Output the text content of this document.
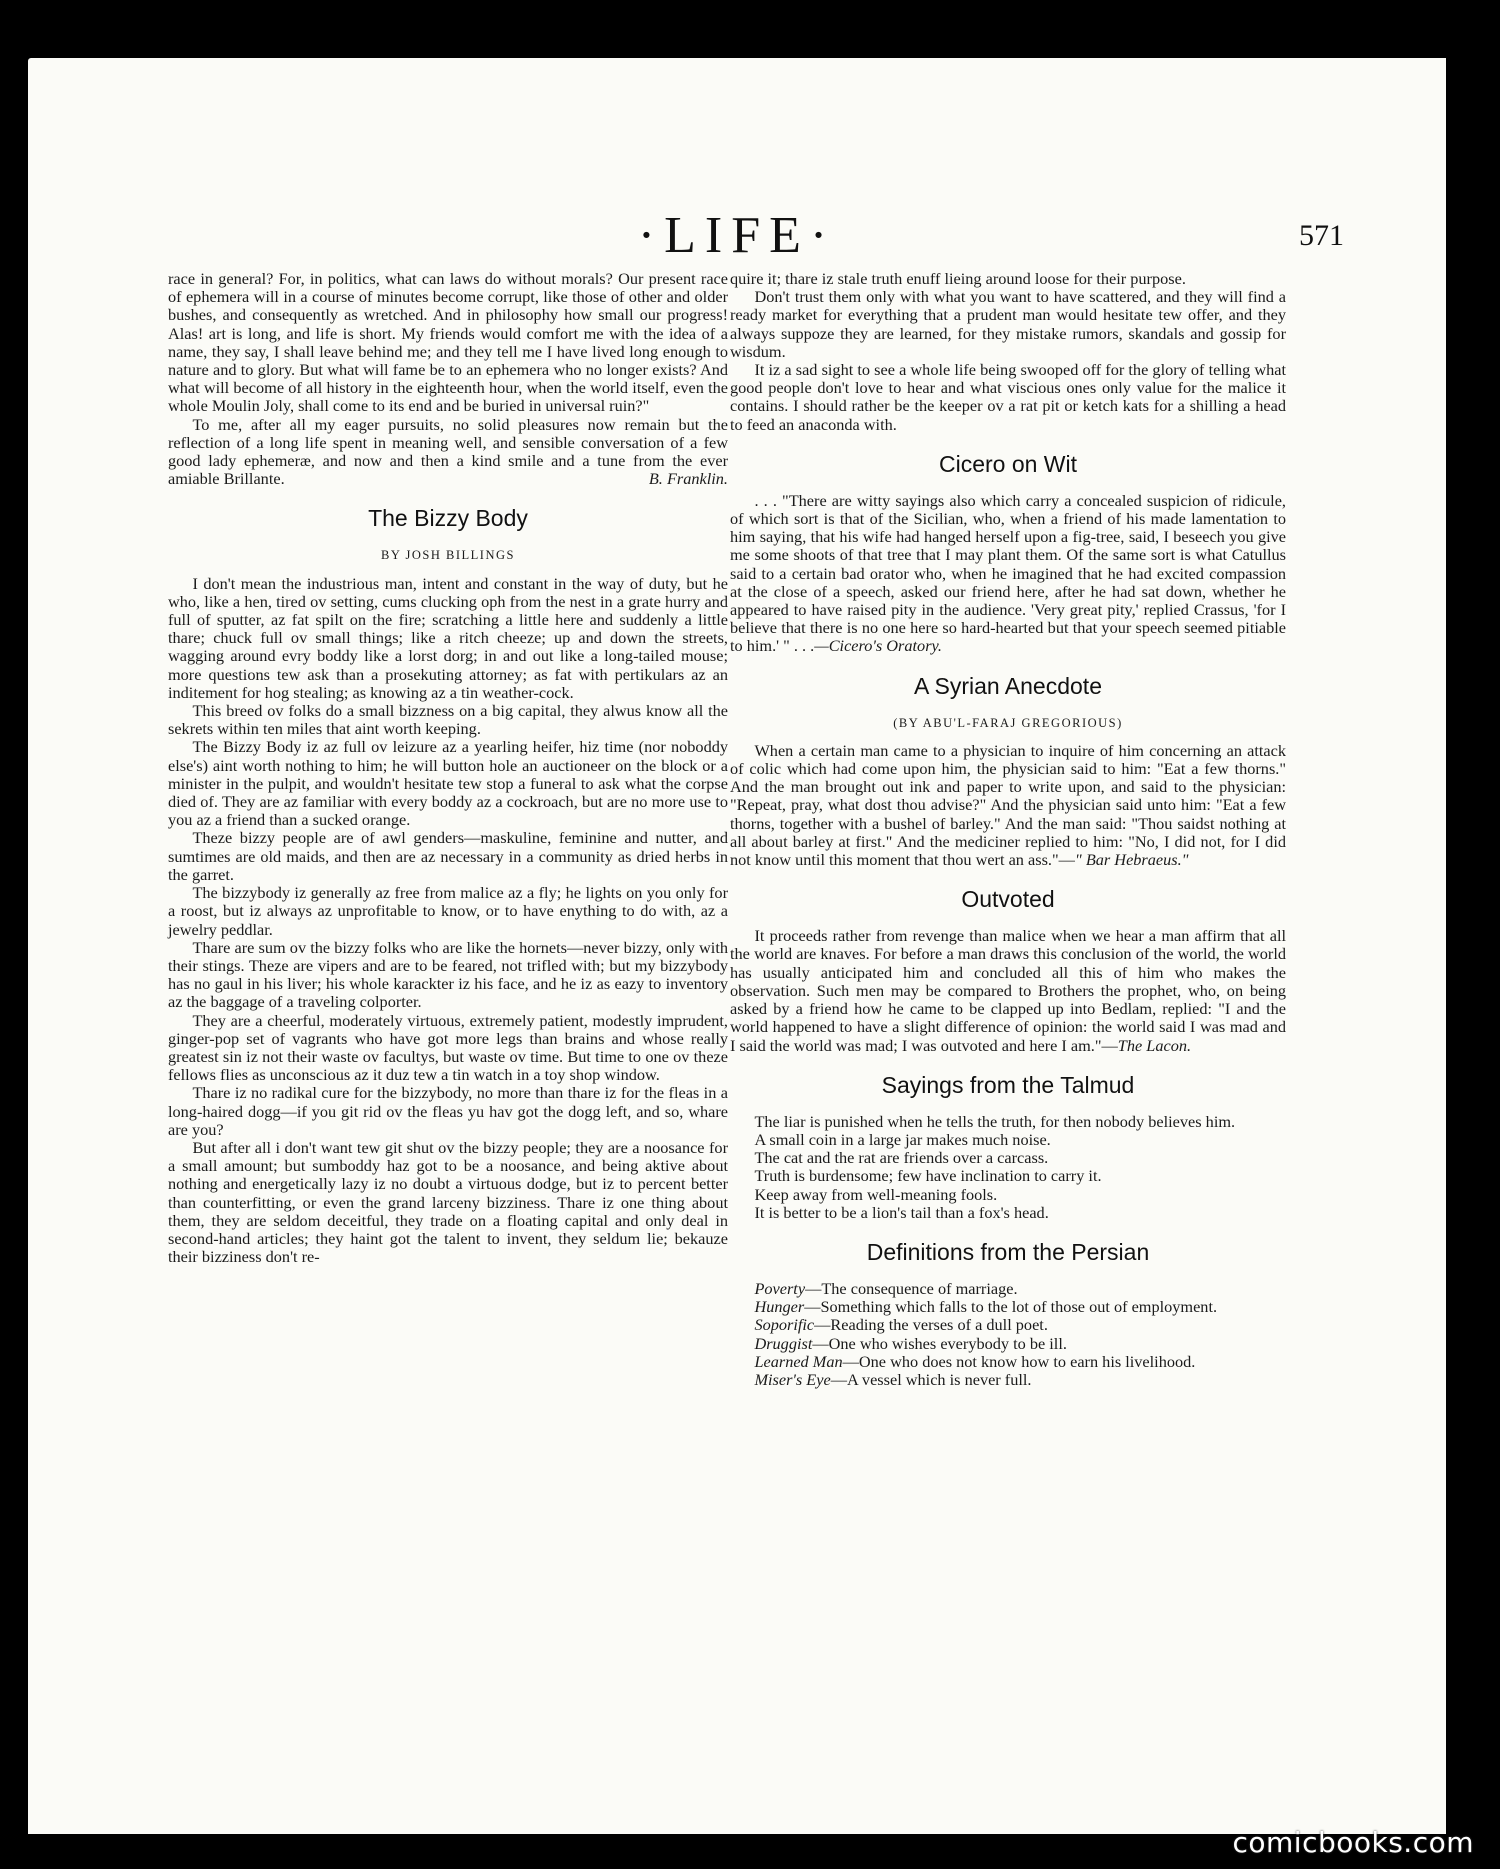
·LIFE·	571

race in general? For, in politics, what can laws do without morals? Our present race of ephemera will in a course of minutes become corrupt, like those of other and older bushes, and consequently as wretched. And in philosophy how small our progress! Alas! art is long, and life is short. My friends would comfort me with the idea of a name, they say, I shall leave behind me; and they tell me I have lived long enough to nature and to glory. But what will fame be to an ephemera who no longer exists? And what will become of all history in the eighteenth hour, when the world itself, even the whole Moulin Joly, shall come to its end and be buried in universal ruin?"

To me, after all my eager pursuits, no solid pleasures now remain but the reflection of a long life spent in meaning well, and sensible conversation of a few good lady ephemeræ, and now and then a kind smile and a tune from the ever amiable Brillante.	B. Franklin.

The Bizzy Body
BY JOSH BILLINGS

I don't mean the industrious man, intent and constant in the way of duty, but he who, like a hen, tired ov setting, cums clucking oph from the nest in a grate hurry and full of sputter, az fat spilt on the fire; scratching a little here and suddenly a little thare; chuck full ov small things; like a ritch cheeze; up and down the streets, wagging around evry boddy like a lorst dorg; in and out like a long-tailed mouse; more questions tew ask than a prosekuting attorney; as fat with pertikulars az an inditement for hog stealing; as knowing az a tin weather-cock.

This breed ov folks do a small bizzness on a big capital, they alwus know all the sekrets within ten miles that aint worth keeping.

The Bizzy Body iz az full ov leizure az a yearling heifer, hiz time (nor noboddy else's) aint worth nothing to him; he will button hole an auctioneer on the block or a minister in the pulpit, and wouldn't hesitate tew stop a funeral to ask what the corpse died of. They are az familiar with every boddy az a cockroach, but are no more use to you az a friend than a sucked orange.

Theze bizzy people are of awl genders—maskuline, feminine and nutter, and sumtimes are old maids, and then are az necessary in a community as dried herbs in the garret.

The bizzybody iz generally az free from malice az a fly; he lights on you only for a roost, but iz always az unprofitable to know, or to have enything to do with, az a jewelry peddlar.

Thare are sum ov the bizzy folks who are like the hornets—never bizzy, only with their stings. Theze are vipers and are to be feared, not trifled with; but my bizzybody has no gaul in his liver; his whole karackter iz his face, and he iz as eazy to inventory az the baggage of a traveling colporter.

They are a cheerful, moderately virtuous, extremely patient, modestly imprudent, ginger-pop set of vagrants who have got more legs than brains and whose really greatest sin iz not their waste ov facultys, but waste ov time. But time to one ov theze fellows flies as unconscious az it duz tew a tin watch in a toy shop window.

Thare iz no radikal cure for the bizzybody, no more than thare iz for the fleas in a long-haired dogg—if you git rid ov the fleas yu hav got the dogg left, and so, whare are you?

But after all i don't want tew git shut ov the bizzy people; they are a noosance for a small amount; but sumboddy haz got to be a noosance, and being aktive about nothing and energetically lazy iz no doubt a virtuous dodge, but iz to percent better than counterfitting, or even the grand larceny bizziness. Thare iz one thing about them, they are seldom deceitful, they trade on a floating capital and only deal in second-hand articles; they haint got the talent to invent, they seldum lie; bekauze their bizziness don't re-

quire it; thare iz stale truth enuff lieing around loose for their purpose.

Don't trust them only with what you want to have scattered, and they will find a ready market for everything that a prudent man would hesitate tew offer, and they always suppoze they are learned, for they mistake rumors, skandals and gossip for wisdum.

It iz a sad sight to see a whole life being swooped off for the glory of telling what good people don't love to hear and what viscious ones only value for the malice it contains. I should rather be the keeper ov a rat pit or ketch kats for a shilling a head to feed an anaconda with.

Cicero on Wit

. . . "There are witty sayings also which carry a concealed suspicion of ridicule, of which sort is that of the Sicilian, who, when a friend of his made lamentation to him saying, that his wife had hanged herself upon a fig-tree, said, I beseech you give me some shoots of that tree that I may plant them. Of the same sort is what Catullus said to a certain bad orator who, when he imagined that he had excited compassion at the close of a speech, asked our friend here, after he had sat down, whether he appeared to have raised pity in the audience. 'Very great pity,' replied Crassus, 'for I believe that there is no one here so hard-hearted but that your speech seemed pitiable to him.' " . . .—Cicero's Oratory.

A Syrian Anecdote
(BY ABU'L-FARAJ GREGORIOUS)

When a certain man came to a physician to inquire of him concerning an attack of colic which had come upon him, the physician said to him: "Eat a few thorns." And the man brought out ink and paper to write upon, and said to the physician: "Repeat, pray, what dost thou advise?" And the physician said unto him: "Eat a few thorns, together with a bushel of barley." And the man said: "Thou saidst nothing at all about barley at first." And the mediciner replied to him: "No, I did not, for I did not know until this moment that thou wert an ass."—" Bar Hebraeus."

Outvoted

It proceeds rather from revenge than malice when we hear a man affirm that all the world are knaves. For before a man draws this conclusion of the world, the world has usually anticipated him and concluded all this of him who makes the observation. Such men may be compared to Brothers the prophet, who, on being asked by a friend how he came to be clapped up into Bedlam, replied: "I and the world happened to have a slight difference of opinion: the world said I was mad and I said the world was mad; I was outvoted and here I am."—The Lacon.

Sayings from the Talmud

The liar is punished when he tells the truth, for then nobody believes him.

A small coin in a large jar makes much noise.

The cat and the rat are friends over a carcass.

Truth is burdensome; few have inclination to carry it.

Keep away from well-meaning fools.

It is better to be a lion's tail than a fox's head.

Definitions from the Persian

Poverty—The consequence of marriage.

Hunger—Something which falls to the lot of those out of employment.

Soporific—Reading the verses of a dull poet.

Druggist—One who wishes everybody to be ill.

Learned Man—One who does not know how to earn his livelihood.

Miser's Eye—A vessel which is never full.

comicbooks.com
